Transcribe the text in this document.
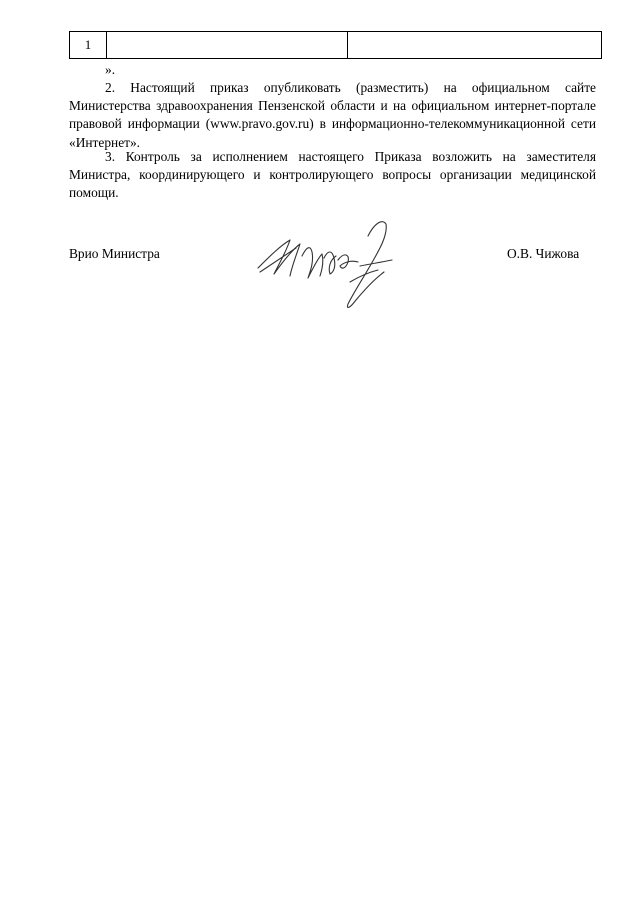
1		
».

2. Настоящий приказ опубликовать (разместить) на официальном сайте Министерства здравоохранения Пензенской области и на официальном интернет-портале правовой информации (www.pravo.gov.ru) в информационно-телекоммуникационной сети «Интернет».

3. Контроль за исполнением настоящего Приказа возложить на заместителя Министра, координирующего и контролирующего вопросы организации медицинской помощи.

Врио Министра	О.В. Чижова
